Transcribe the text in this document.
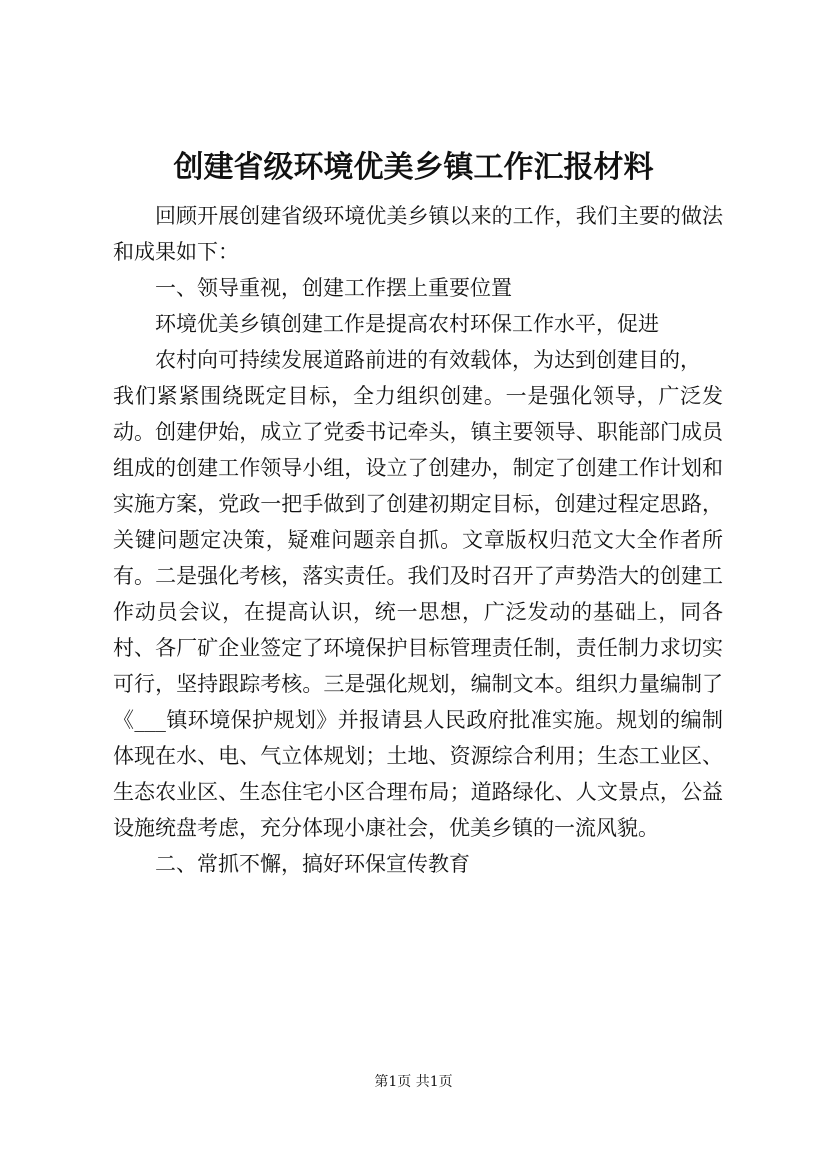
创建省级环境优美乡镇工作汇报材料

回顾开展创建省级环境优美乡镇以来的工作，我们主要的做法和成果如下：

一、领导重视，创建工作摆上重要位置

环境优美乡镇创建工作是提高农村环保工作水平，促进

农村向可持续发展道路前进的有效载体，为达到创建目的，

我们紧紧围绕既定目标，全力组织创建。一是强化领导，广泛发动。创建伊始，成立了党委书记牵头，镇主要领导、职能部门成员组成的创建工作领导小组，设立了创建办，制定了创建工作计划和实施方案，党政一把手做到了创建初期定目标，创建过程定思路，关键问题定决策，疑难问题亲自抓。文章版权归范文大全作者所有。二是强化考核，落实责任。我们及时召开了声势浩大的创建工作动员会议，在提高认识，统一思想，广泛发动的基础上，同各村、各厂矿企业签定了环境保护目标管理责任制，责任制力求切实可行，坚持跟踪考核。三是强化规划，编制文本。组织力量编制了《___镇环境保护规划》并报请县人民政府批准实施。规划的编制体现在水、电、气立体规划；土地、资源综合利用；生态工业区、生态农业区、生态住宅小区合理布局；道路绿化、人文景点，公益设施统盘考虑，充分体现小康社会，优美乡镇的一流风貌。

二、常抓不懈，搞好环保宣传教育

第1页 共1页
